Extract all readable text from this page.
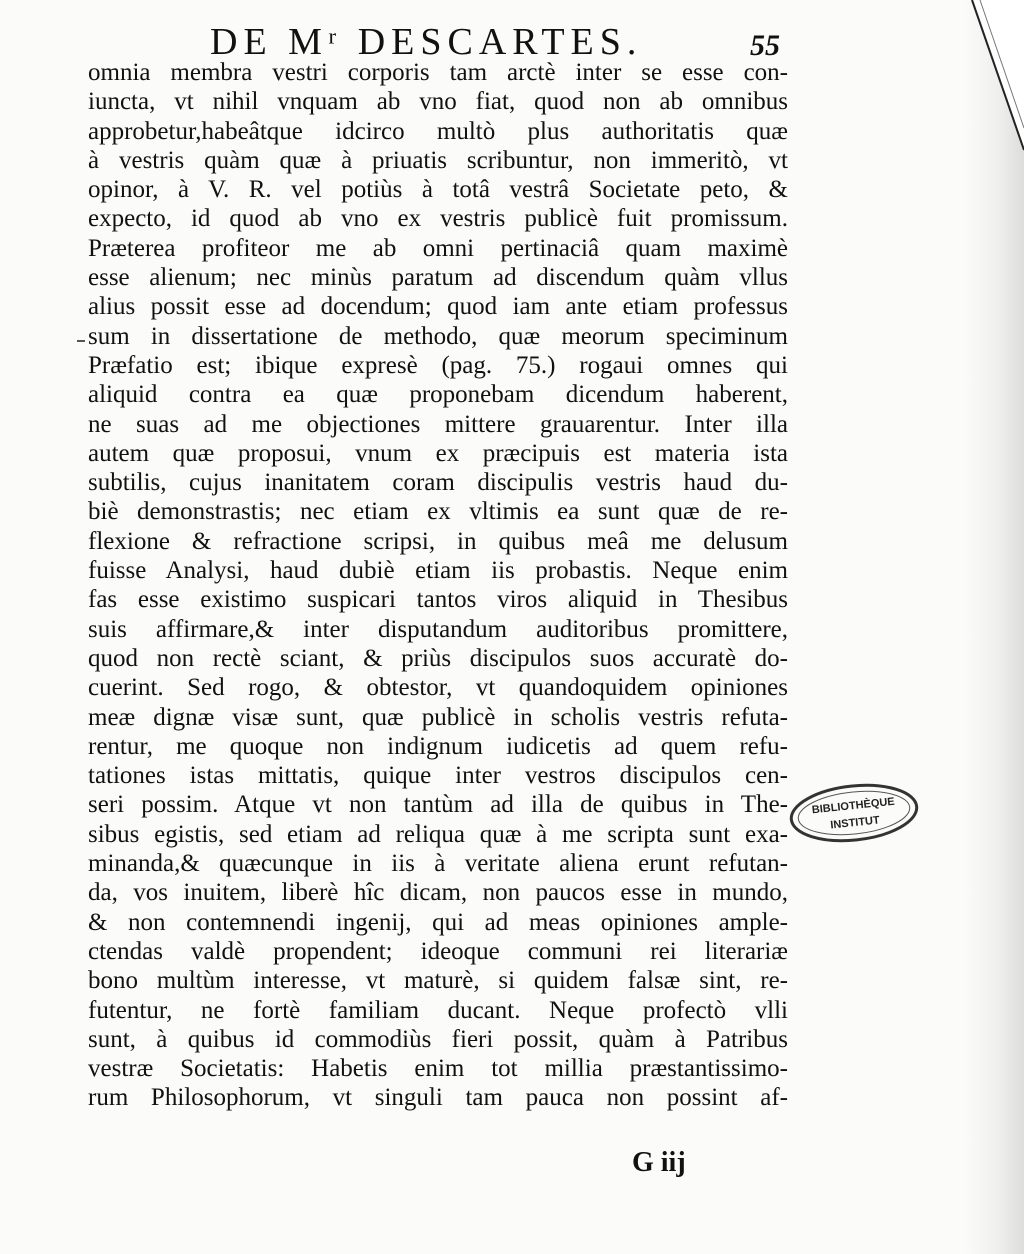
DE Mʳ DESCARTES.	55
omnia membra vestri corporis tam arctè inter se esse con-
iuncta, vt nihil vnquam ab vno fiat, quod non ab omnibus
approbetur,habeâtque idcirco multò plus authoritatis quæ
à vestris quàm quæ à priuatis scribuntur, non immeritò, vt
opinor, à V. R. vel potiùs à totâ vestrâ Societate peto, &
expecto, id quod ab vno ex vestris publicè fuit promissum.
Præterea profiteor me ab omni pertinaciâ quam maximè
esse alienum; nec minùs paratum ad discendum quàm vllus
alius possit esse ad docendum; quod iam ante etiam professus
sum in dissertatione de methodo, quæ meorum speciminum
Præfatio est; ibique expresè (pag. 75.) rogaui omnes qui
aliquid contra ea quæ proponebam dicendum haberent,
ne suas ad me objectiones mittere grauarentur. Inter illa
autem quæ proposui, vnum ex præcipuis est materia ista
subtilis, cujus inanitatem coram discipulis vestris haud du-
biè demonstrastis; nec etiam ex vltimis ea sunt quæ de re-
flexione & refractione scripsi, in quibus meâ me delusum
fuisse Analysi, haud dubiè etiam iis probastis. Neque enim
fas esse existimo suspicari tantos viros aliquid in Thesibus
suis affirmare,& inter disputandum auditoribus promittere,
quod non rectè sciant, & priùs discipulos suos accuratè do-
cuerint. Sed rogo, & obtestor, vt quandoquidem opiniones
meæ dignæ visæ sunt, quæ publicè in scholis vestris refuta-
rentur, me quoque non indignum iudicetis ad quem refu-
tationes istas mittatis, quique inter vestros discipulos cen-
seri possim. Atque vt non tantùm ad illa de quibus in The-
sibus egistis, sed etiam ad reliqua quæ à me scripta sunt exa-
minanda,& quæcunque in iis à veritate aliena erunt refutan-
da, vos inuitem, liberè hîc dicam, non paucos esse in mundo,
& non contemnendi ingenij, qui ad meas opiniones ample-
ctendas valdè propendent; ideoque communi rei literariæ
bono multùm interesse, vt maturè, si quidem falsæ sint, re-
futentur, ne fortè familiam ducant. Neque profectò vlli
sunt, à quibus id commodiùs fieri possit, quàm à Patribus
vestræ Societatis: Habetis enim tot millia præstantissimo-
rum Philosophorum, vt singuli tam pauca non possint af-
BIBLIOTHÈQUE
INSTITUT
G iij
